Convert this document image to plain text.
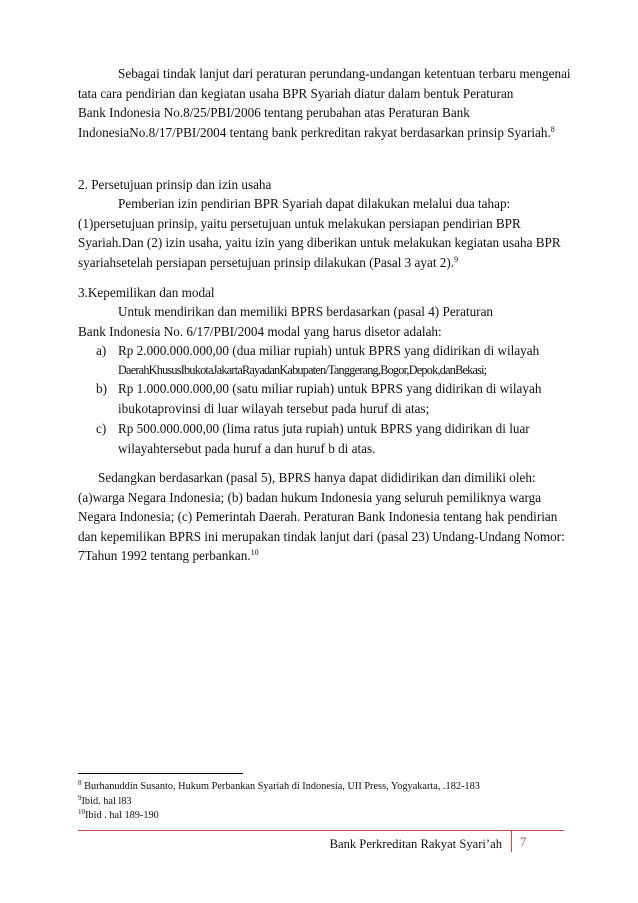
Sebagai tindak lanjut dari peraturan perundang-undangan ketentuan terbaru mengenai
tata cara pendirian dan kegiatan usaha BPR Syariah diatur dalam bentuk Peraturan
Bank Indonesia No.8/25/PBI/2006 tentang perubahan atas Peraturan Bank
IndonesiaNo.8/17/PBI/2004 tentang bank perkreditan rakyat berdasarkan prinsip Syariah.$^8$
2. Persetujuan prinsip dan izin usaha
Pemberian izin pendirian BPR Syariah dapat dilakukan melalui dua tahap:
(1)persetujuan prinsip, yaitu persetujuan untuk melakukan persiapan pendirian BPR
Syariah.Dan (2) izin usaha, yaitu izin yang diberikan untuk melakukan kegiatan usaha BPR
syariahsetelah persiapan persetujuan prinsip dilakukan (Pasal 3 ayat 2).$^9$
3.Kepemilikan dan modal
Untuk mendirikan dan memiliki BPRS berdasarkan (pasal 4) Peraturan
Bank Indonesia No. 6/17/PBI/2004 modal yang harus disetor adalah:
a) Rp 2.000.000.000,00 (dua miliar rupiah) untuk BPRS yang didirikan di wilayah
DaerahKhususIbukotaJakartaRayadanKabupaten/Tanggerang,Bogor,Depok,danBekasi;
b) Rp 1.000.000.000,00 (satu miliar rupiah) untuk BPRS yang didirikan di wilayah
ibukotaprovinsi di luar wilayah tersebut pada huruf di atas;
c) Rp 500.000.000,00 (lima ratus juta rupiah) untuk BPRS yang didirikan di luar
wilayahtersebut pada huruf a dan huruf b di atas.
Sedangkan berdasarkan (pasal 5), BPRS hanya dapat dididirikan dan dimiliki oleh:
(a)warga Negara Indonesia; (b) badan hukum Indonesia yang seluruh pemiliknya warga
Negara Indonesia; (c) Pemerintah Daerah. Peraturan Bank Indonesia tentang hak pendirian
dan kepemilikan BPRS ini merupakan tindak lanjut dari (pasal 23) Undang-Undang Nomor:
7Tahun 1992 tentang perbankan.$^{10}$
$^8$ Burhanuddin Susanto, Hukum Perbankan Syariah di Indonesia, UII Press, Yogyakarta, .182-183
$^9$Ibid. hal l83
$^{10}$Ibid . hal 189-190
Bank Perkreditan Rakyat Syari’ah 7
